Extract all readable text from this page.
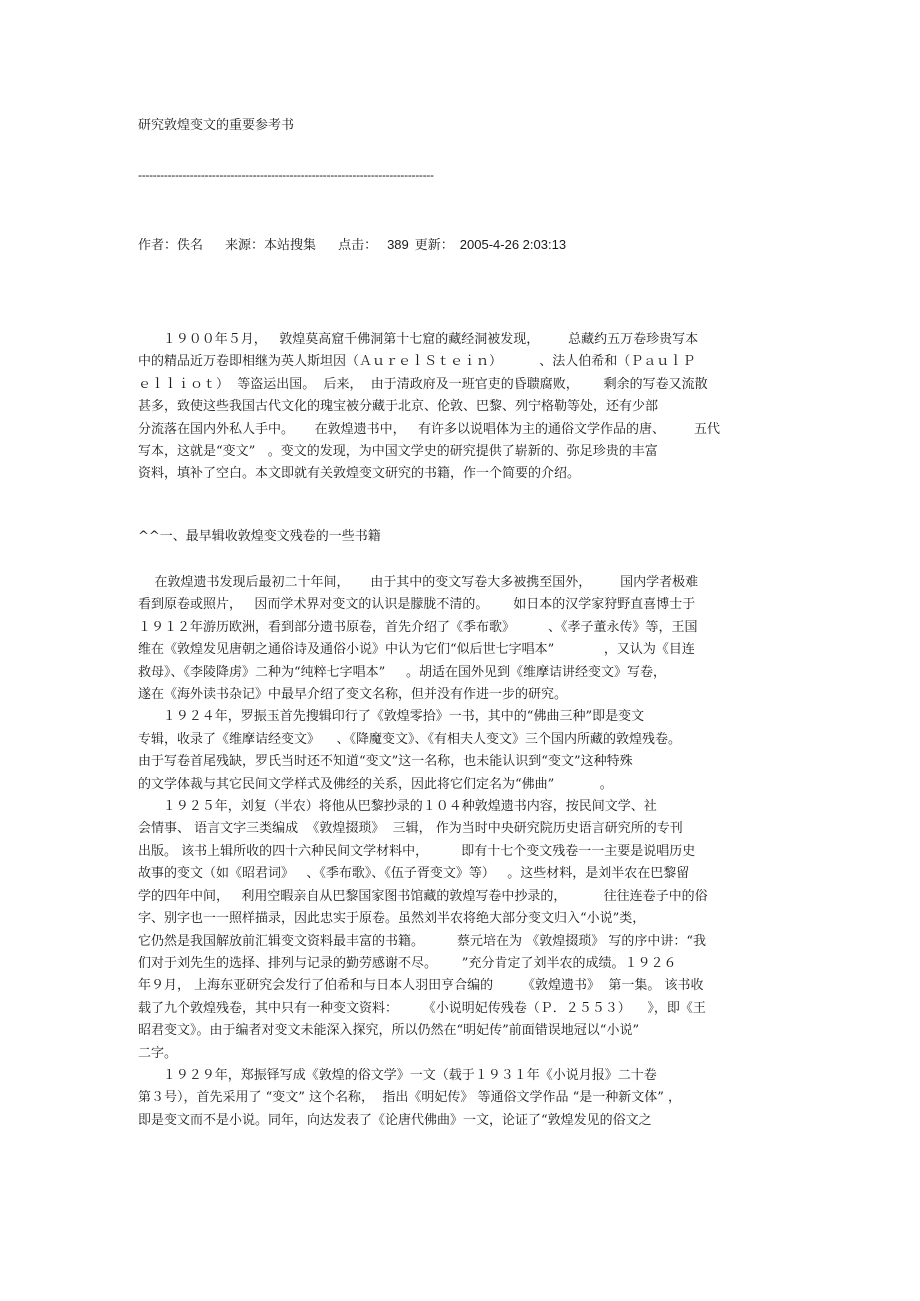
研究敦煌变文的重要参考书
--------------------------------------------------------------------------------
作者：佚名 来源：本站搜集 点击： 389 更新： 2005-4-26 2:03:13
１９００年５月，   敦煌莫高窟千佛洞第十七窟的藏经洞被发现，       总藏约五万卷珍贵写本
中的精品近万卷即相继为英人斯坦因（ＡｕｒｅｌＳｔｅｉｎ）         、法人伯希和（ＰａｕｌＰ
ｅｌｌｉｏｔ）  等盗运出国。  后来，  由于清政府及一班官吏的昏聩腐败，      剩余的写卷又流散
甚多，致使这些我国古代文化的瑰宝被分藏于北京、伦敦、巴黎、列宁格勒等处，还有少部
分流落在国内外私人手中。     在敦煌遗书中，   有许多以说唱体为主的通俗文学作品的唐、       五代
写本，这就是“变文”   。变文的发现，为中国文学史的研究提供了崭新的、弥足珍贵的丰富
资料，填补了空白。本文即就有关敦煌变文研究的书籍，作一个简要的介绍。
^^一、最早辑收敦煌变文残卷的一些书籍
在敦煌遗书发现后最初二十年间，     由于其中的变文写卷大多被携至国外，       国内学者极难
看到原卷或照片，   因而学术界对变文的认识是朦胧不清的。      如日本的汉学家狩野直喜博士于
１９１２年游历欧洲，看到部分遗书原卷，首先介绍了《季布歌》        、《孝子董永传》等，王国
维在《敦煌发见唐朝之通俗诗及通俗小说》中认为它们“似后世七字唱本”            ，又认为《目连
救母》、《李陵降虏》二种为“纯粹七字唱本”     。胡适在国外见到《维摩诘讲经变文》写卷，
遂在《海外读书杂记》中最早介绍了变文名称，但并没有作进一步的研究。
１９２４年，罗振玉首先搜辑印行了《敦煌零拾》一书，其中的“佛曲三种”即是变文
专辑，收录了《维摩诘经变文》    、《降魔变文》、《有相夫人变文》三个国内所藏的敦煌残卷。
由于写卷首尾残缺，罗氏当时还不知道“变文”这一名称，也未能认识到“变文”这种特殊
的文学体裁与其它民间文学样式及佛经的关系，因此将它们定名为“佛曲”           。
１９２５年，刘复（半农）将他从巴黎抄录的１０４种敦煌遗书内容，按民间文学、社
会情事、 语言文字三类编成  《敦煌掇琐》  三辑， 作为当时中央研究院历史语言研究所的专刊
出版。 该书上辑所收的四十六种民间文学材料中，        即有十七个变文残卷一一主要是说唱历史
故事的变文（如《昭君词》   、《季布歌》、《伍子胥变文》等）   。这些材料，是刘半农在巴黎留
学的四年中间，   利用空暇亲自从巴黎国家图书馆藏的敦煌写卷中抄录的，         往往连卷子中的俗
字、别字也一一照样描录，因此忠实于原卷。虽然刘半农将绝大部分变文归入“小说”类，
它仍然是我国解放前汇辑变文资料最丰富的书籍。        蔡元培在为 《敦煌掇琐》 写的序中讲：“我
们对于刘先生的选择、排列与记录的勤劳感谢不尽。      ”充分肯定了刘半农的成绩。１９２６
年９月， 上海东亚研究会发行了伯希和与日本人羽田亨合编的       《敦煌遗书》  第一集。 该书收
载了九个敦煌残卷，其中只有一种变文资料：      《小说明妃传残卷（Ｐ．２５５３）    》，即《王
昭君变文》。由于编者对变文未能深入探究，所以仍然在“明妃传”前面错误地冠以“小说”
二字。
１９２９年，郑振铎写成《敦煌的俗文学》一文（载于１９３１年《小说月报》二十卷
第３号），首先采用了 “变文” 这个名称，  指出《明妃传》 等通俗文学作品 “是一种新文体” ，
即是变文而不是小说。同年，向达发表了《论唐代佛曲》一文，论证了“敦煌发见的俗文之
